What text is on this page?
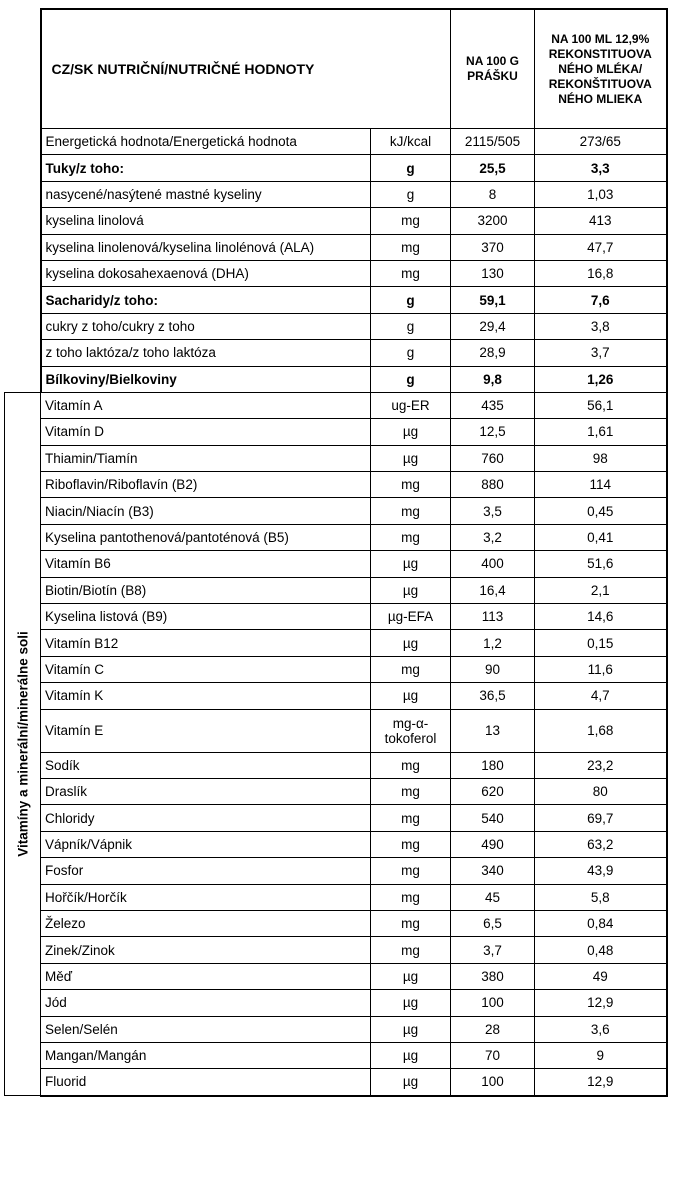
	CZ/SK NUTRIČNÍ/NUTRIČNÉ HODNOTY		NA 100 G PRÁŠKU	NA 100 ML 12,9% REKONSTITUOVA NÉHO MLÉKA/ REKONŠTITUOVA NÉHO MLIEKA
	Energetická hodnota/Energetická hodnota	kJ/kcal	2115/505	273/65
	Tuky/z toho:	g	25,5	3,3
	nasycené/nasýtené mastné kyseliny	g	8	1,03
	kyselina linolová	mg	3200	413
	kyselina linolenová/kyselina linolénová (ALA)	mg	370	47,7
	kyselina dokosahexaenová (DHA)	mg	130	16,8
	Sacharidy/z toho:	g	59,1	7,6
	cukry z toho/cukry z toho	g	29,4	3,8
	z toho laktóza/z toho laktóza	g	28,9	3,7
	Bílkoviny/Bielkoviny	g	9,8	1,26

Vitamíny a minerální/minerálne soli	Vitamín A	ug-ER	435	56,1
	Vitamín D	µg	12,5	1,61
	Thiamin/Tiamín	µg	760	98
	Riboflavin/Riboflavín (B2)	mg	880	114
	Niacin/Niacín (B3)	mg	3,5	0,45
	Kyselina pantothenová/pantoténová (B5)	mg	3,2	0,41
	Vitamín B6	µg	400	51,6
	Biotin/Biotín (B8)	µg	16,4	2,1
	Kyselina listová (B9)	µg-EFA	113	14,6
	Vitamín B12	µg	1,2	0,15
	Vitamín C	mg	90	11,6
	Vitamín K	µg	36,5	4,7
	Vitamín E	mg-α-tokoferol	13	1,68
	Sodík	mg	180	23,2
	Draslík	mg	620	80
	Chloridy	mg	540	69,7
	Vápník/Vápnik	mg	490	63,2
	Fosfor	mg	340	43,9
	Hořčík/Horčík	mg	45	5,8
	Železo	mg	6,5	0,84
	Zinek/Zinok	mg	3,7	0,48
	Měď	µg	380	49
	Jód	µg	100	12,9
	Selen/Selén	µg	28	3,6
	Mangan/Mangán	µg	70	9
	Fluorid	µg	100	12,9
